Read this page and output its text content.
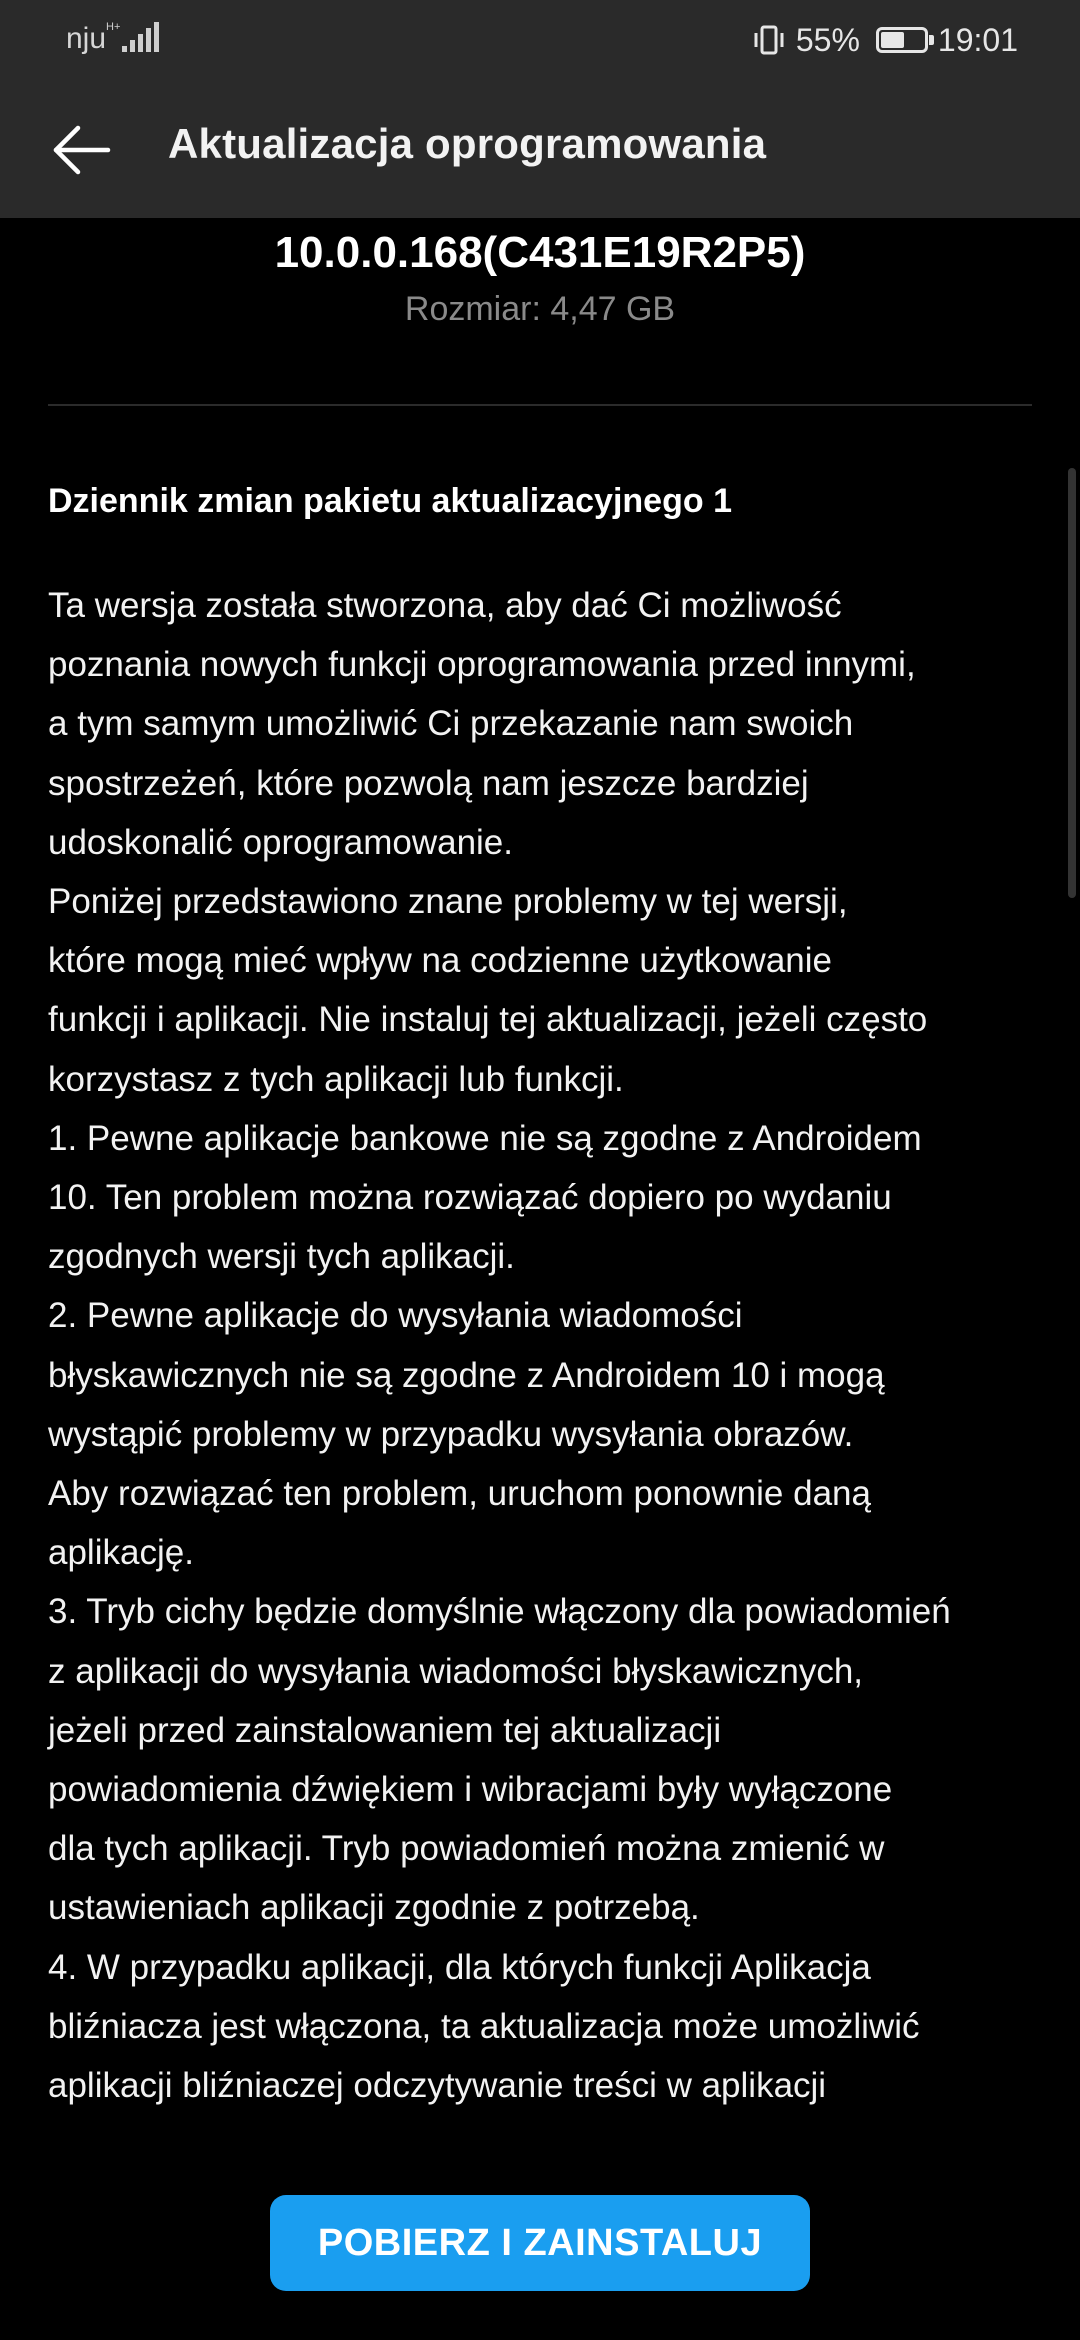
nju H+	55% 19:01
Aktualizacja oprogramowania
10.0.0.168(C431E19R2P5)
Rozmiar: 4,47 GB
Dziennik zmian pakietu aktualizacyjnego 1
Ta wersja została stworzona, aby dać Ci możliwość
poznania nowych funkcji oprogramowania przed innymi,
a tym samym umożliwić Ci przekazanie nam swoich
spostrzeżeń, które pozwolą nam jeszcze bardziej
udoskonalić oprogramowanie.
Poniżej przedstawiono znane problemy w tej wersji,
które mogą mieć wpływ na codzienne użytkowanie
funkcji i aplikacji. Nie instaluj tej aktualizacji, jeżeli często
korzystasz z tych aplikacji lub funkcji.
1. Pewne aplikacje bankowe nie są zgodne z Androidem
10. Ten problem można rozwiązać dopiero po wydaniu
zgodnych wersji tych aplikacji.
2. Pewne aplikacje do wysyłania wiadomości
błyskawicznych nie są zgodne z Androidem 10 i mogą
wystąpić problemy w przypadku wysyłania obrazów.
Aby rozwiązać ten problem, uruchom ponownie daną
aplikację.
3. Tryb cichy będzie domyślnie włączony dla powiadomień
z aplikacji do wysyłania wiadomości błyskawicznych,
jeżeli przed zainstalowaniem tej aktualizacji
powiadomienia dźwiękiem i wibracjami były wyłączone
dla tych aplikacji. Tryb powiadomień można zmienić w
ustawieniach aplikacji zgodnie z potrzebą.
4. W przypadku aplikacji, dla których funkcji Aplikacja
bliźniacza jest włączona, ta aktualizacja może umożliwić
aplikacji bliźniaczej odczytywanie treści w aplikacji
POBIERZ I ZAINSTALUJ
